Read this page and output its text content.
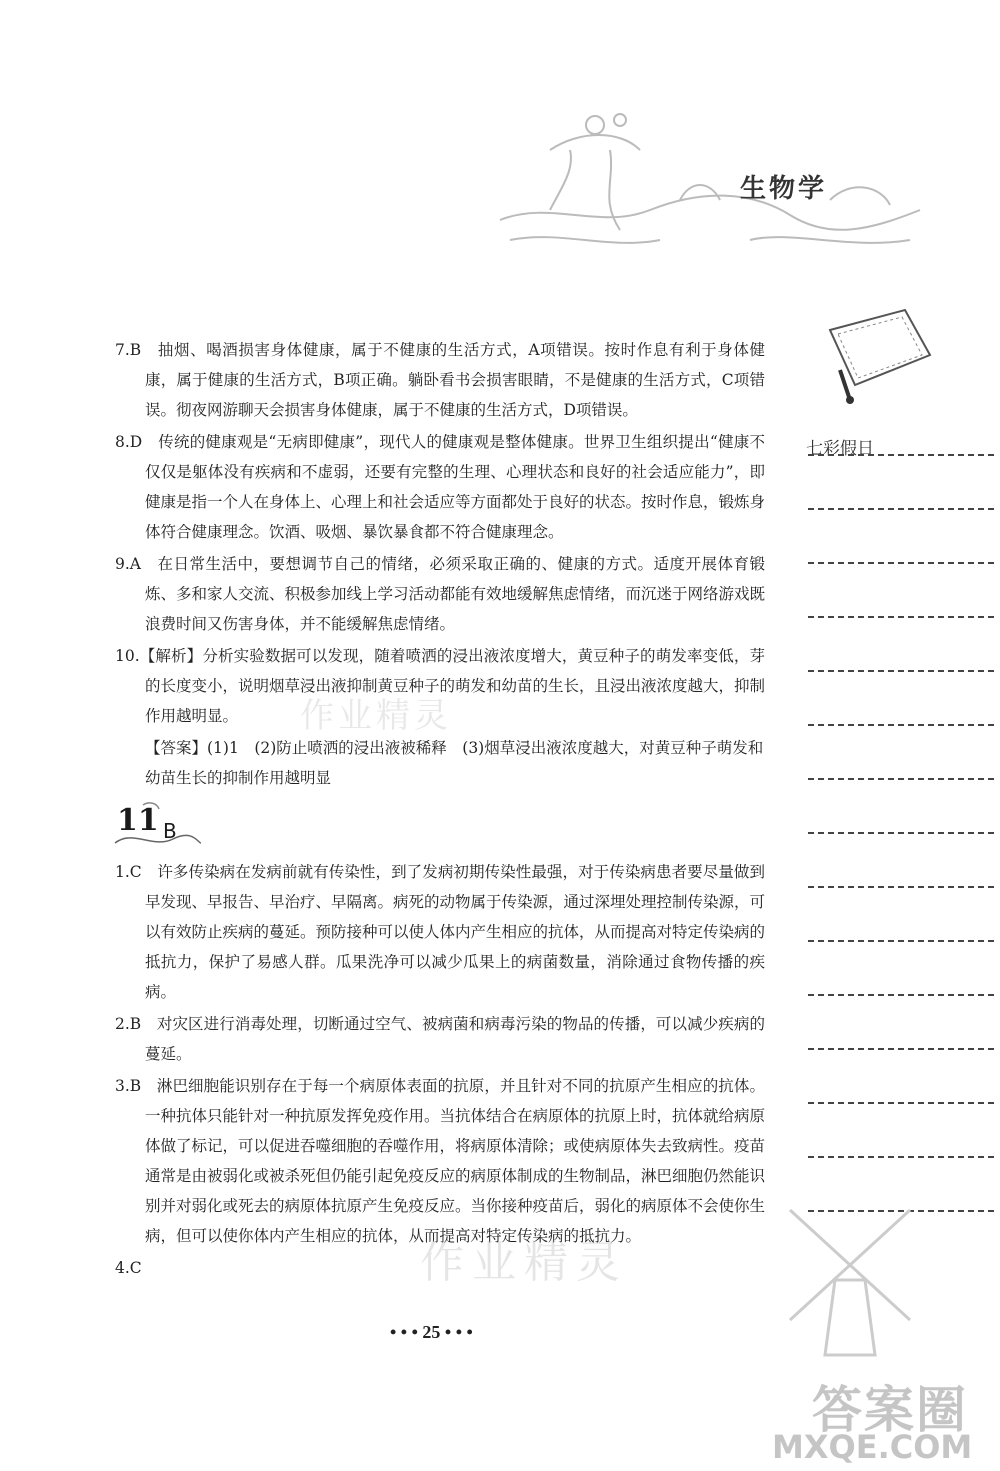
生物学
七彩假日
作业精灵

7.B　抽烟、喝酒损害身体健康，属于不健康的生活方式，A项错误。按时作息有利于身体健康，属于健康的生活方式，B项正确。躺卧看书会损害眼睛，不是健康的生活方式，C项错误。彻夜网游聊天会损害身体健康，属于不健康的生活方式，D项错误。

8.D　传统的健康观是“无病即健康”，现代人的健康观是整体健康。世界卫生组织提出“健康不仅仅是躯体没有疾病和不虚弱，还要有完整的生理、心理状态和良好的社会适应能力”，即健康是指一个人在身体上、心理上和社会适应等方面都处于良好的状态。按时作息，锻炼身体符合健康理念。饮酒、吸烟、暴饮暴食都不符合健康理念。

9.A　在日常生活中，要想调节自己的情绪，必须采取正确的、健康的方式。适度开展体育锻炼、多和家人交流、积极参加线上学习活动都能有效地缓解焦虑情绪，而沉迷于网络游戏既浪费时间又伤害身体，并不能缓解焦虑情绪。

10.【解析】分析实验数据可以发现，随着喷洒的浸出液浓度增大，黄豆种子的萌发率变低，芽的长度变小，说明烟草浸出液抑制黄豆种子的萌发和幼苗的生长，且浸出液浓度越大，抑制作用越明显。

【答案】(1)1　(2)防止喷洒的浸出液被稀释　(3)烟草浸出液浓度越大，对黄豆种子萌发和幼苗生长的抑制作用越明显
11 B

1.C　许多传染病在发病前就有传染性，到了发病初期传染性最强，对于传染病患者要尽量做到早发现、早报告、早治疗、早隔离。病死的动物属于传染源，通过深埋处理控制传染源，可以有效防止疾病的蔓延。预防接种可以使人体内产生相应的抗体，从而提高对特定传染病的抵抗力，保护了易感人群。瓜果洗净可以减少瓜果上的病菌数量，消除通过食物传播的疾病。

2.B　对灾区进行消毒处理，切断通过空气、被病菌和病毒污染的物品的传播，可以减少疾病的蔓延。

3.B　淋巴细胞能识别存在于每一个病原体表面的抗原，并且针对不同的抗原产生相应的抗体。一种抗体只能针对一种抗原发挥免疫作用。当抗体结合在病原体的抗原上时，抗体就给病原体做了标记，可以促进吞噬细胞的吞噬作用，将病原体清除；或使病原体失去致病性。疫苗通常是由被弱化或被杀死但仍能引起免疫反应的病原体制成的生物制品，淋巴细胞仍然能识别并对弱化或死去的病原体抗原产生免疫反应。当你接种疫苗后，弱化的病原体不会使你生病，但可以使你体内产生相应的抗体，从而提高对特定传染病的抵抗力。

4.C	作业精灵
• • • 25 • • •
答案圈
MXQE.COM
